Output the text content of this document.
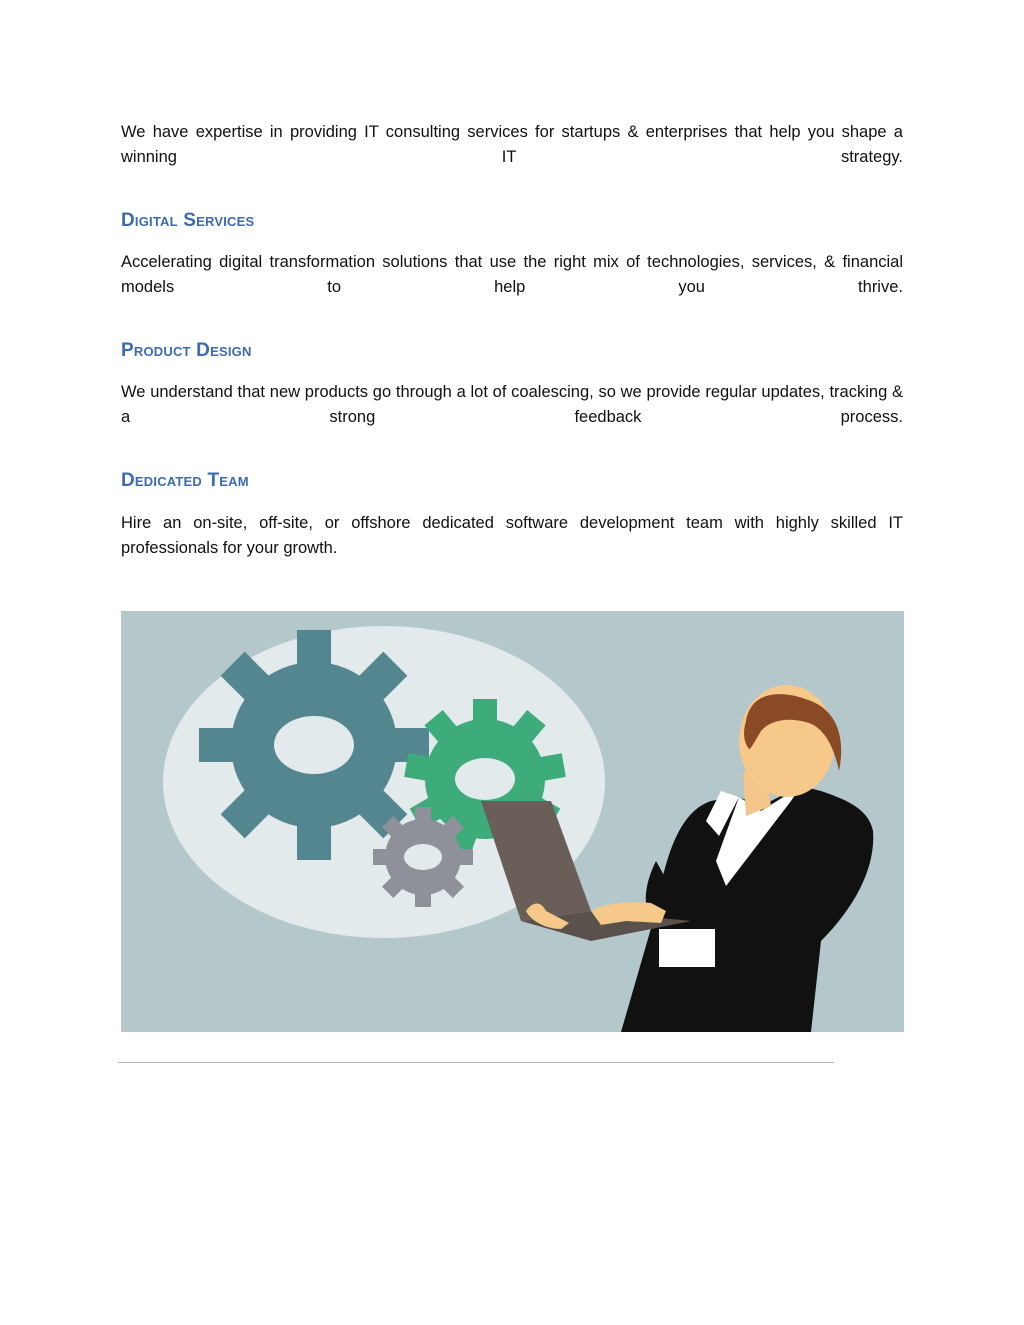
We have expertise in providing IT consulting services for startups & enterprises that help you shape a winning IT strategy.

Digital Services

Accelerating digital transformation solutions that use the right mix of technologies, services, & financial models to help you thrive.

Product Design

We understand that new products go through a lot of coalescing, so we provide regular updates, tracking & a strong feedback process.

Dedicated Team

Hire an on-site, off-site, or offshore dedicated software development team with highly skilled IT professionals for your growth.
